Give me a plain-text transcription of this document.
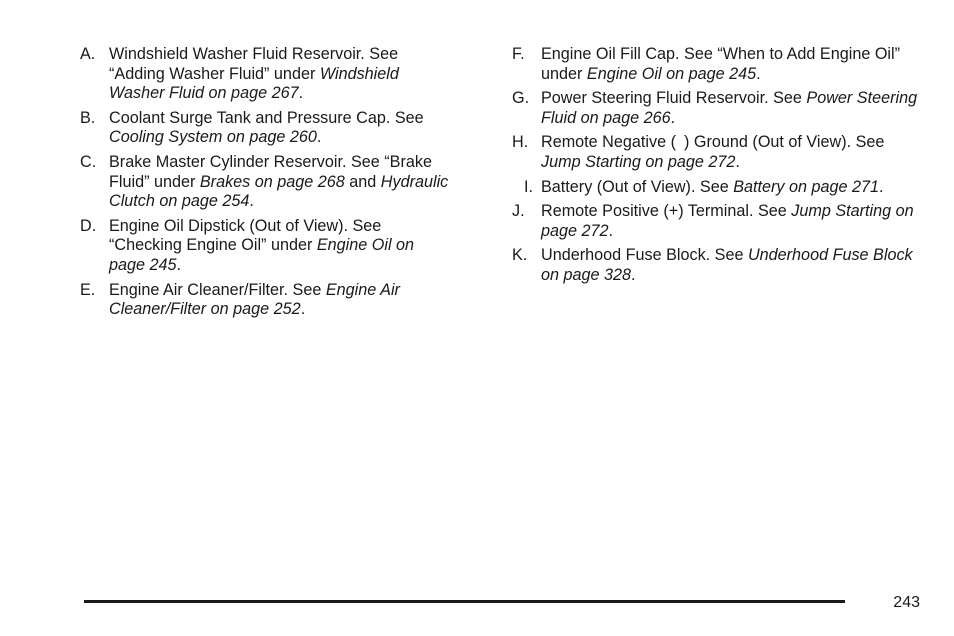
A. Windshield Washer Fluid Reservoir. See “Adding Washer Fluid” under Windshield Washer Fluid on page 267.
B. Coolant Surge Tank and Pressure Cap. See Cooling System on page 260.
C. Brake Master Cylinder Reservoir. See “Brake Fluid” under Brakes on page 268 and Hydraulic Clutch on page 254.
D. Engine Oil Dipstick (Out of View). See “Checking Engine Oil” under Engine Oil on page 245.
E. Engine Air Cleaner/Filter. See Engine Air Cleaner/Filter on page 252.
F.	Engine Oil Fill Cap. See “When to Add Engine Oil” under Engine Oil on page 245.
G. Power Steering Fluid Reservoir. See Power Steering Fluid on page 266.
H. Remote Negative ( ) Ground (Out of View). See Jump Starting on page 272.
I. Battery (Out of View). See Battery on page 271.
J.	Remote Positive (+) Terminal. See Jump Starting on page 272.
K. Underhood Fuse Block. See Underhood Fuse Block on page 328.
243
